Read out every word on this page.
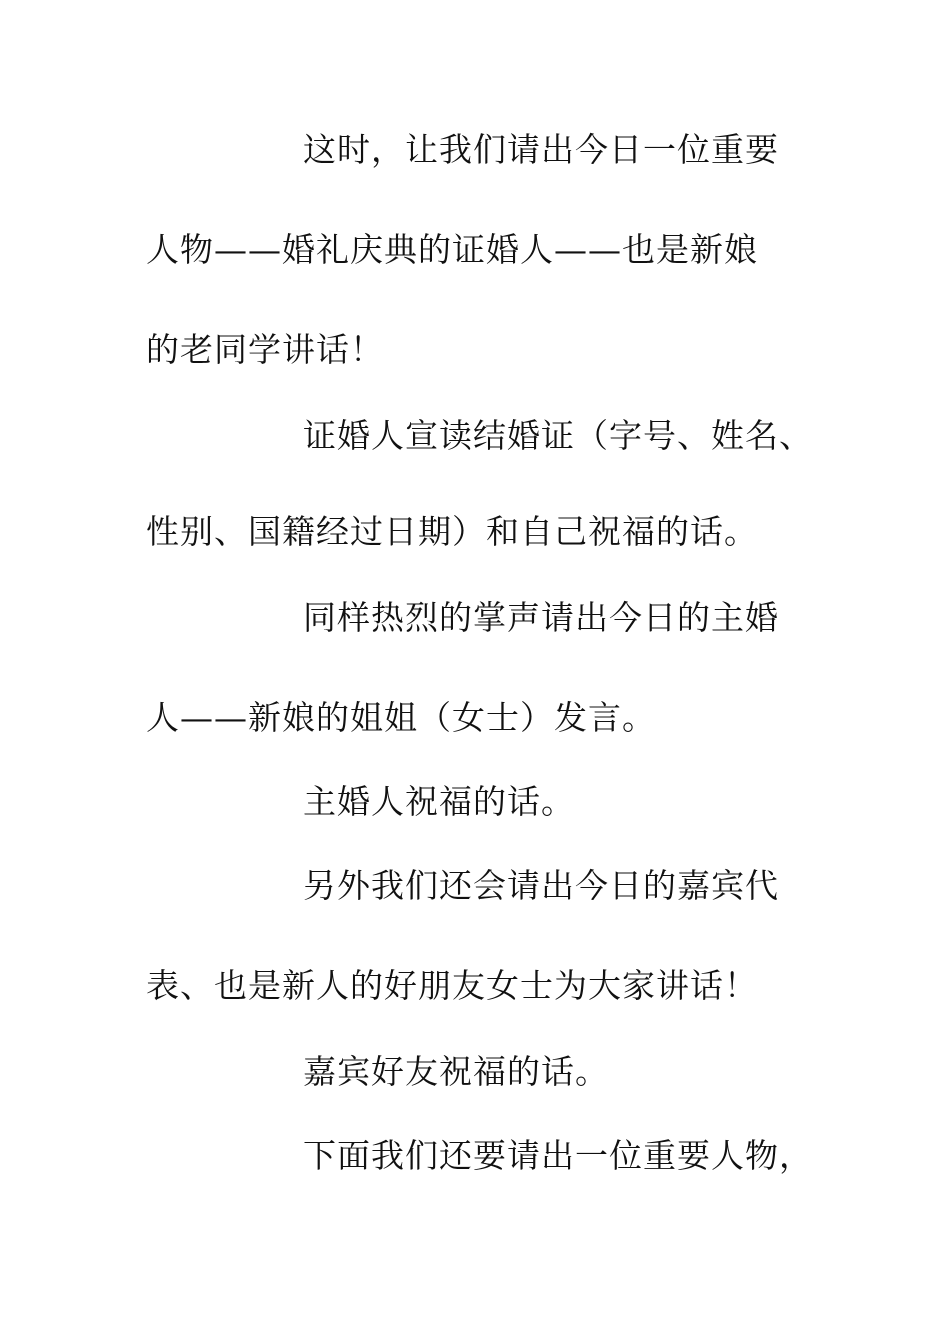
这时，让我们请出今日一位重要

人物——婚礼庆典的证婚人——也是新娘

的老同学讲话！

证婚人宣读结婚证（字号、姓名、

性别、国籍经过日期）和自己祝福的话。

同样热烈的掌声请出今日的主婚

人——新娘的姐姐（女士）发言。

主婚人祝福的话。

另外我们还会请出今日的嘉宾代

表、也是新人的好朋友女士为大家讲话！

嘉宾好友祝福的话。

下面我们还要请出一位重要人物，
